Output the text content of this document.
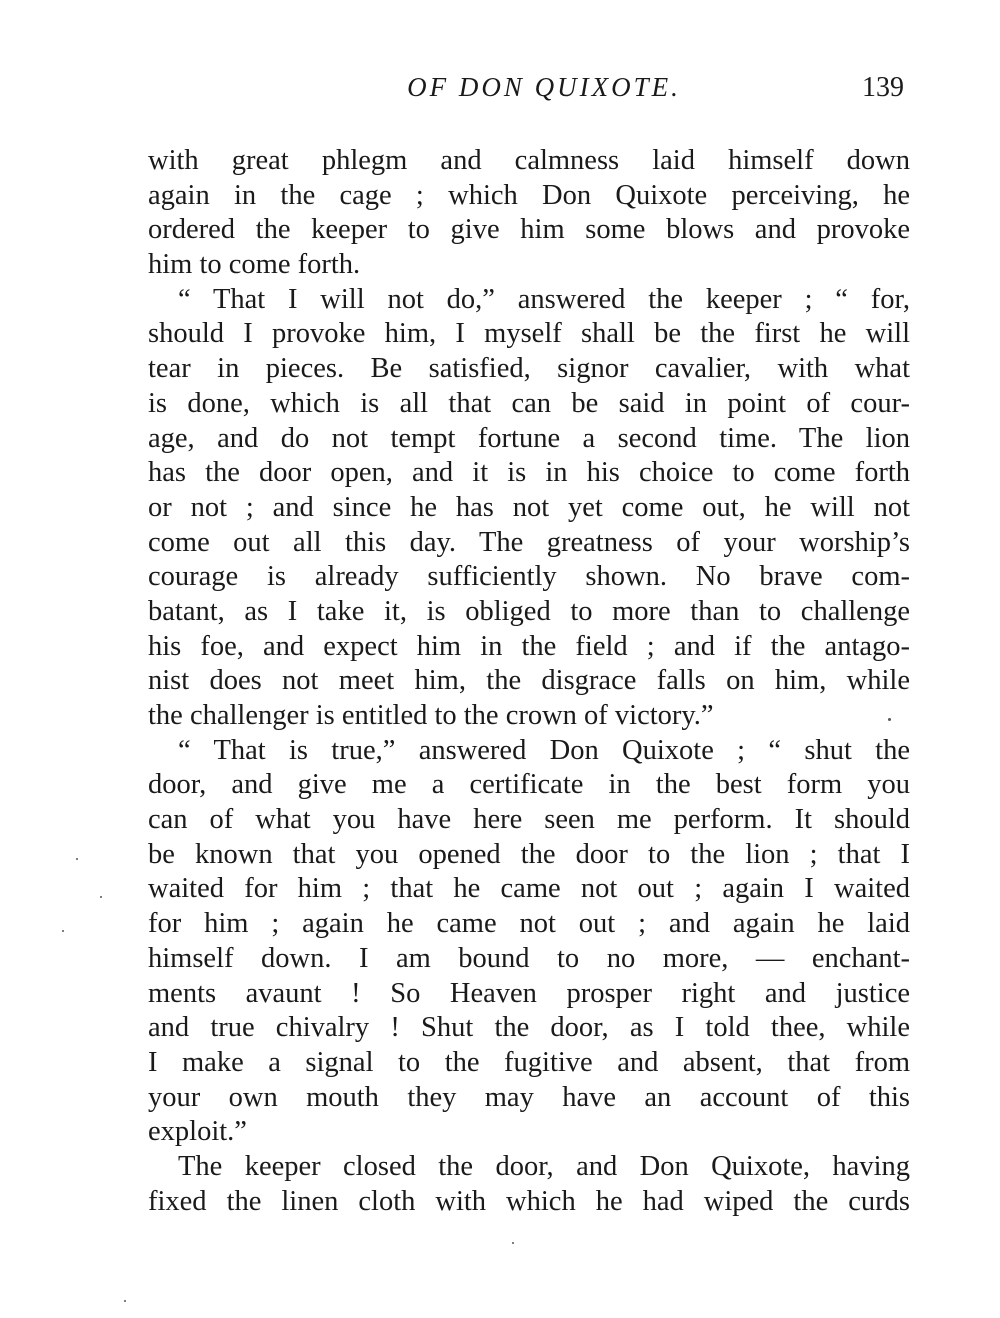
OF DON QUIXOTE.	139
with great phlegm and calmness laid himself down
again in the cage ; which Don Quixote perceiving, he
ordered the keeper to give him some blows and provoke
him to come forth.
“ That I will not do,” answered the keeper ; “ for,
should I provoke him, I myself shall be the first he will
tear in pieces. Be satisfied, signor cavalier, with what
is done, which is all that can be said in point of cour-
age, and do not tempt fortune a second time. The lion
has the door open, and it is in his choice to come forth
or not ; and since he has not yet come out, he will not
come out all this day. The greatness of your worship’s
courage is already sufficiently shown. No brave com-
batant, as I take it, is obliged to more than to challenge
his foe, and expect him in the field ; and if the antago-
nist does not meet him, the disgrace falls on him, while
the challenger is entitled to the crown of victory.”
“ That is true,” answered Don Quixote ; “ shut the
door, and give me a certificate in the best form you
can of what you have here seen me perform. It should
be known that you opened the door to the lion ; that I
waited for him ; that he came not out ; again I waited
for him ; again he came not out ; and again he laid
himself down. I am bound to no more, — enchant-
ments avaunt ! So Heaven prosper right and justice
and true chivalry ! Shut the door, as I told thee, while
I make a signal to the fugitive and absent, that from
your own mouth they may have an account of this
exploit.”
The keeper closed the door, and Don Quixote, having
fixed the linen cloth with which he had wiped the curds
